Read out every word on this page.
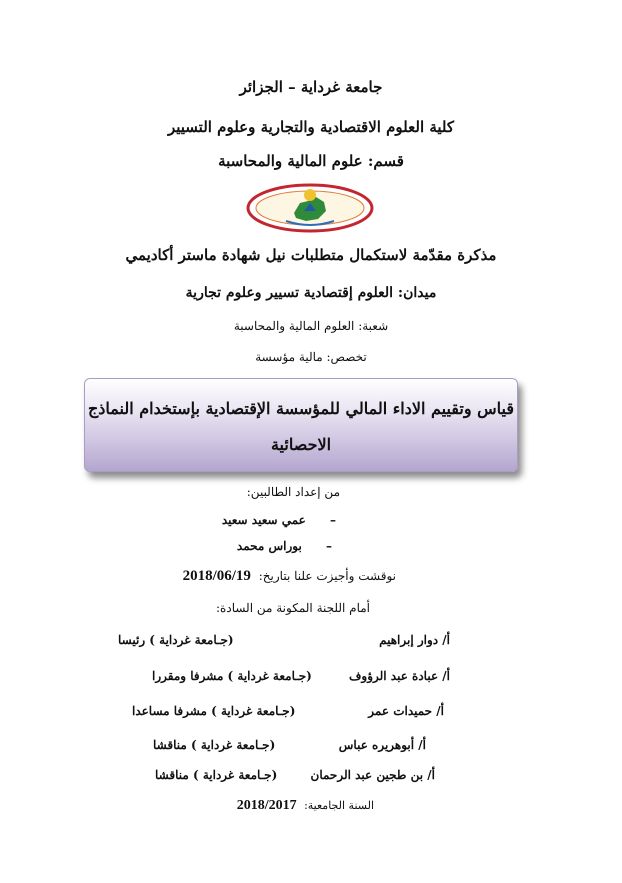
جامعة غرداية – الجزائر
كلية العلوم الاقتصادية والتجارية وعلوم التسيير
قسم: علوم المالية والمحاسبة
مذكرة مقدّمة لاستكمال متطلبات نيل شهادة ماستر أكاديمي
ميدان: العلوم إقتصادية تسيير وعلوم تجارية
شعبة: العلوم المالية والمحاسبة
تخصص: مالية مؤسسة
قياس وتقييم الاداء المالي للمؤسسة الإقتصادية بإستخدام النماذج
الاحصائية
من إعداد الطالبين:
– عمي سعيد سعيد
– بوراس محمد
نوقشت وأجيزت علنا بتاريخ: 2018/06/19
أمام اللجنة المكونة من السادة:
أ/ دوار إبراهيم
(جـامعة غرداية ) رئيسا
أ/ عبادة عبد الرؤوف
(جـامعة غرداية ) مشرفا ومقررا
أ/ حميدات عمر
(جـامعة غرداية ) مشرفا مساعدا
أ/ أبوهريره عباس
(جـامعة غرداية ) مناقشا
أ/ بن طجين عبد الرحمان
(جـامعة غرداية ) مناقشا
السنة الجامعية: 2018/2017
